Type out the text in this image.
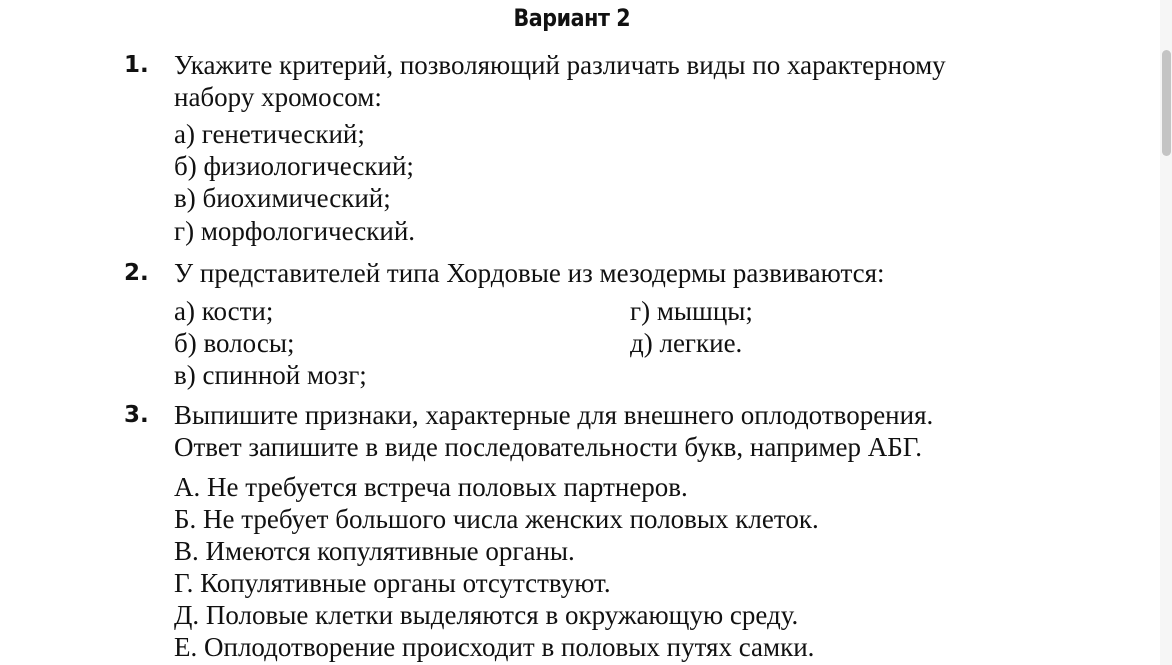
Вариант 2
1. Укажите критерий, позволяющий различать виды по характерному
набору хромосом:
а) генетический;
б) физиологический;
в) биохимический;
г) морфологический.
2. У представителей типа Хордовые из мезодермы развиваются:
а) кости;
б) волосы;
в) спинной мозг;
г) мышцы;
д) легкие.
3. Выпишите признаки, характерные для внешнего оплодотворения.
Ответ запишите в виде последовательности букв, например АБГ.
А. Не требуется встреча половых партнеров.
Б. Не требует большого числа женских половых клеток.
В. Имеются копулятивные органы.
Г. Копулятивные органы отсутствуют.
Д. Половые клетки выделяются в окружающую среду.
Е. Оплодотворение происходит в половых путях самки.
